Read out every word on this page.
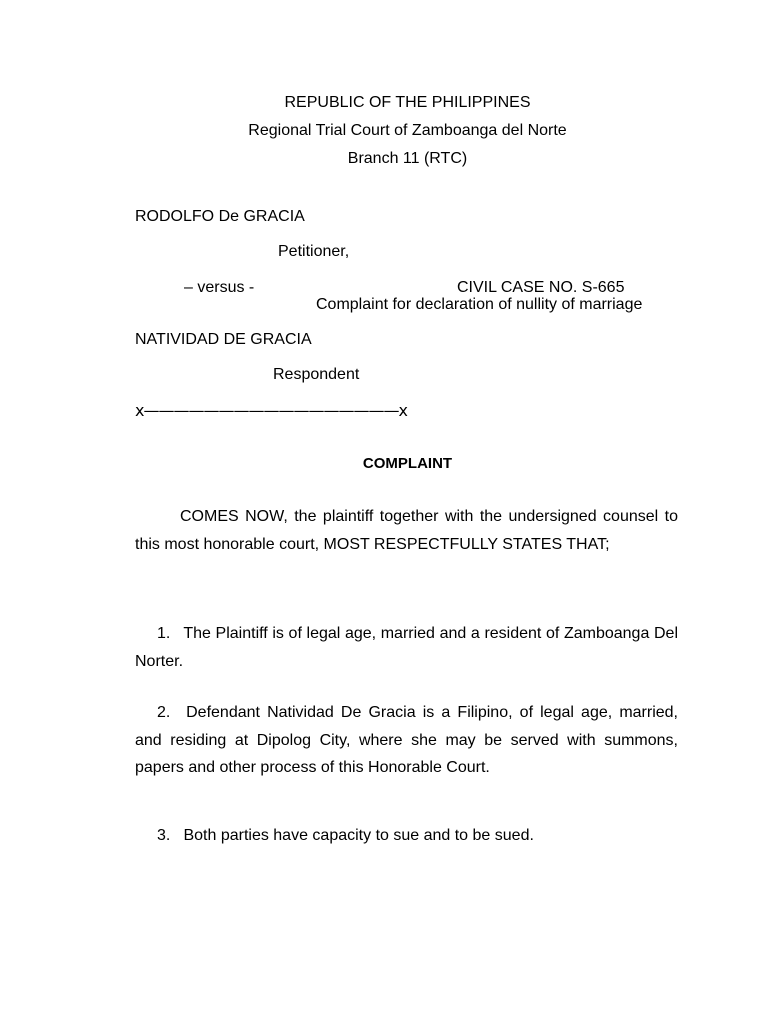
REPUBLIC OF THE PHILIPPINES
Regional Trial Court of Zamboanga del Norte
Branch 11 (RTC)
RODOLFO De GRACIA
Petitioner,
– versus -	CIVIL CASE NO. S-665
Complaint for declaration of nullity of marriage
NATIVIDAD DE GRACIA
Respondent
x—————————————————x
COMPLAINT
COMES NOW, the plaintiff together with the undersigned counsel to this most honorable court, MOST RESPECTFULLY STATES THAT;
1. The Plaintiff is of legal age, married and a resident of Zamboanga Del Norter.
2. Defendant Natividad De Gracia is a Filipino, of legal age, married, and residing at Dipolog City, where she may be served with summons, papers and other process of this Honorable Court.
3. Both parties have capacity to sue and to be sued.
